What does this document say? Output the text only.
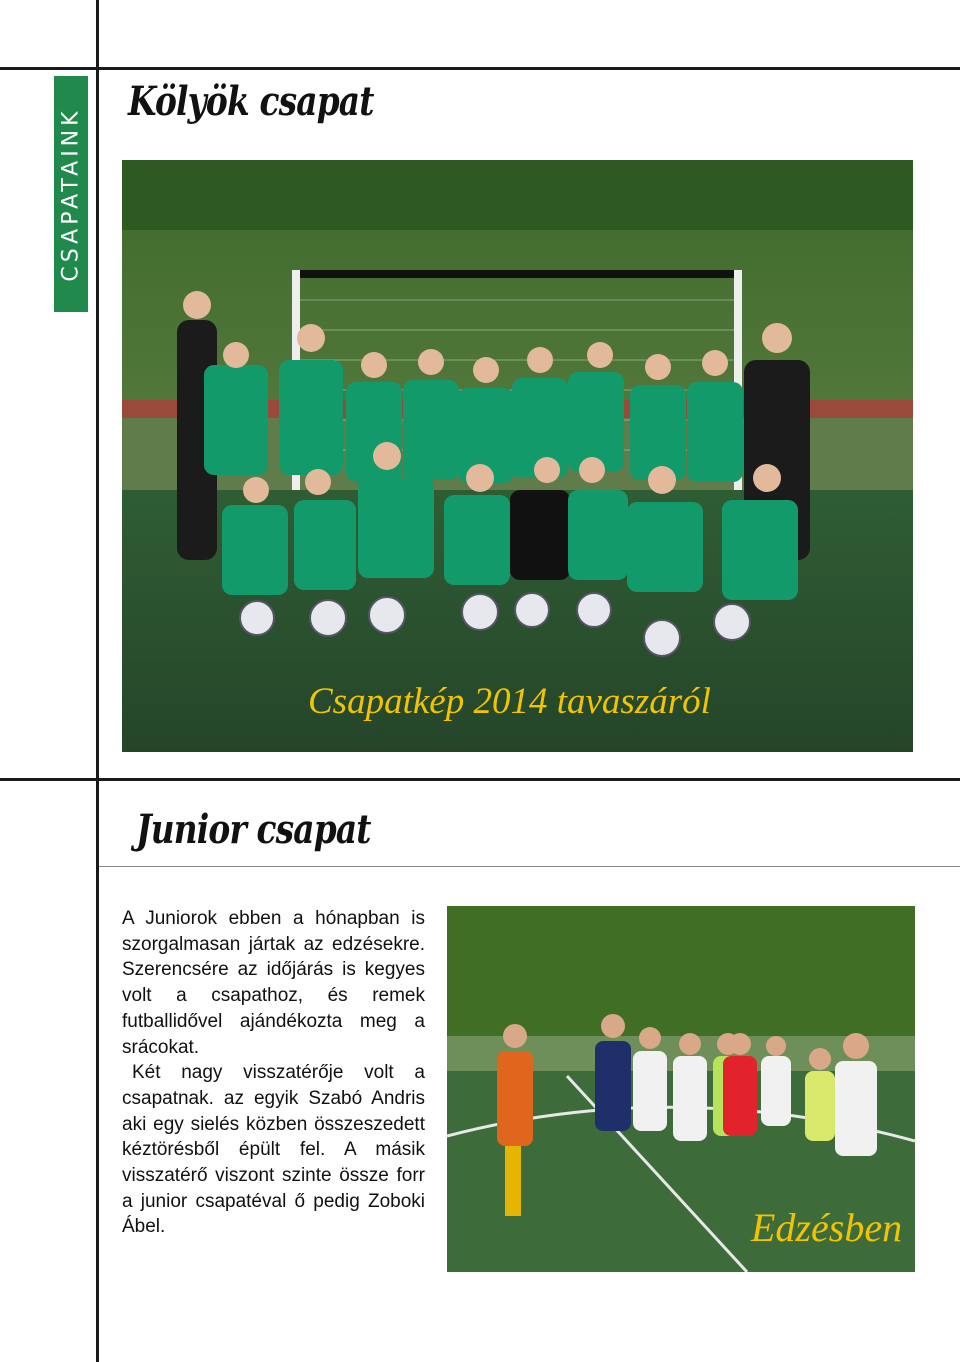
CSAPATAINK
Kölyök csapat
Csapatkép 2014 tavaszáról
Junior csapat

A Juniorok ebben a hónapban is szorgalmasan jártak az edzésekre. Szerencsére az időjárás is kegyes volt a csapathoz, és remek futballidővel ajándékozta meg a srácokat.

Két nagy visszatérője volt a csapatnak. az egyik Szabó Andris aki egy sielés közben összeszedett kéztörésből épült fel. A másik visszatérő viszont szinte össze forr a junior csapatéval ő pedig Zoboki Ábel.	Edzésben
